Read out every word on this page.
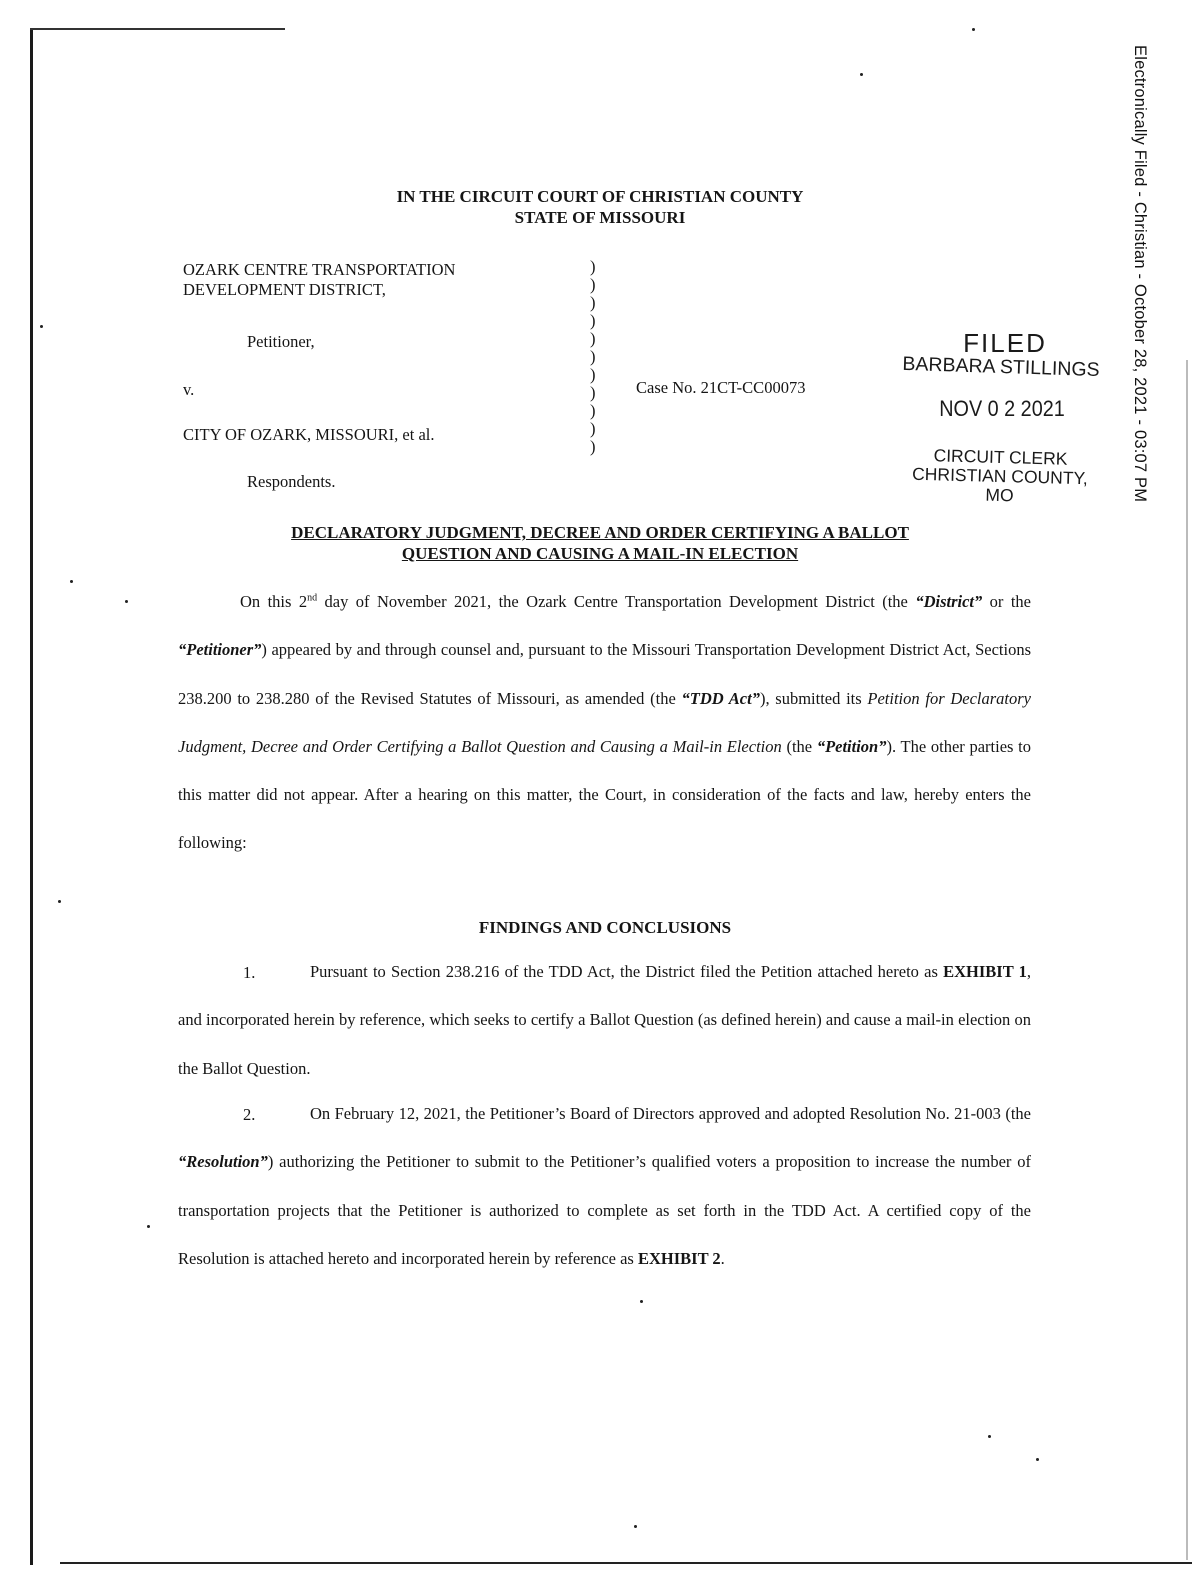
Electronically Filed - Christian - October 28, 2021 - 03:07 PM
IN THE CIRCUIT COURT OF CHRISTIAN COUNTY
STATE OF MISSOURI
OZARK CENTRE TRANSPORTATION
DEVELOPMENT DISTRICT,
Petitioner,
v.
CITY OF OZARK, MISSOURI, et al.
Respondents.
)
)
)
)
)
)
)
)
)
)
)
Case No. 21CT-CC00073
FILED
BARBARA STILLINGS
NOV 0 2 2021
CIRCUIT CLERK
CHRISTIAN COUNTY, MO
DECLARATORY JUDGMENT, DECREE AND ORDER CERTIFYING A BALLOT
QUESTION AND CAUSING A MAIL-IN ELECTION
On this 2nd day of November 2021, the Ozark Centre Transportation Development District (the “District” or the “Petitioner”) appeared by and through counsel and, pursuant to the Missouri Transportation Development District Act, Sections 238.200 to 238.280 of the Revised Statutes of Missouri, as amended (the “TDD Act”), submitted its Petition for Declaratory Judgment, Decree and Order Certifying a Ballot Question and Causing a Mail-in Election (the “Petition”). The other parties to this matter did not appear. After a hearing on this matter, the Court, in consideration of the facts and law, hereby enters the following:
FINDINGS AND CONCLUSIONS
Pursuant to Section 238.216 of the TDD Act, the District filed the Petition attached hereto as EXHIBIT 1, and incorporated herein by reference, which seeks to certify a Ballot Question (as defined herein) and cause a mail-in election on the Ballot Question.
1.
On February 12, 2021, the Petitioner’s Board of Directors approved and adopted Resolution No. 21-003 (the “Resolution”) authorizing the Petitioner to submit to the Petitioner’s qualified voters a proposition to increase the number of transportation projects that the Petitioner is authorized to complete as set forth in the TDD Act. A certified copy of the Resolution is attached hereto and incorporated herein by reference as EXHIBIT 2.
2.
